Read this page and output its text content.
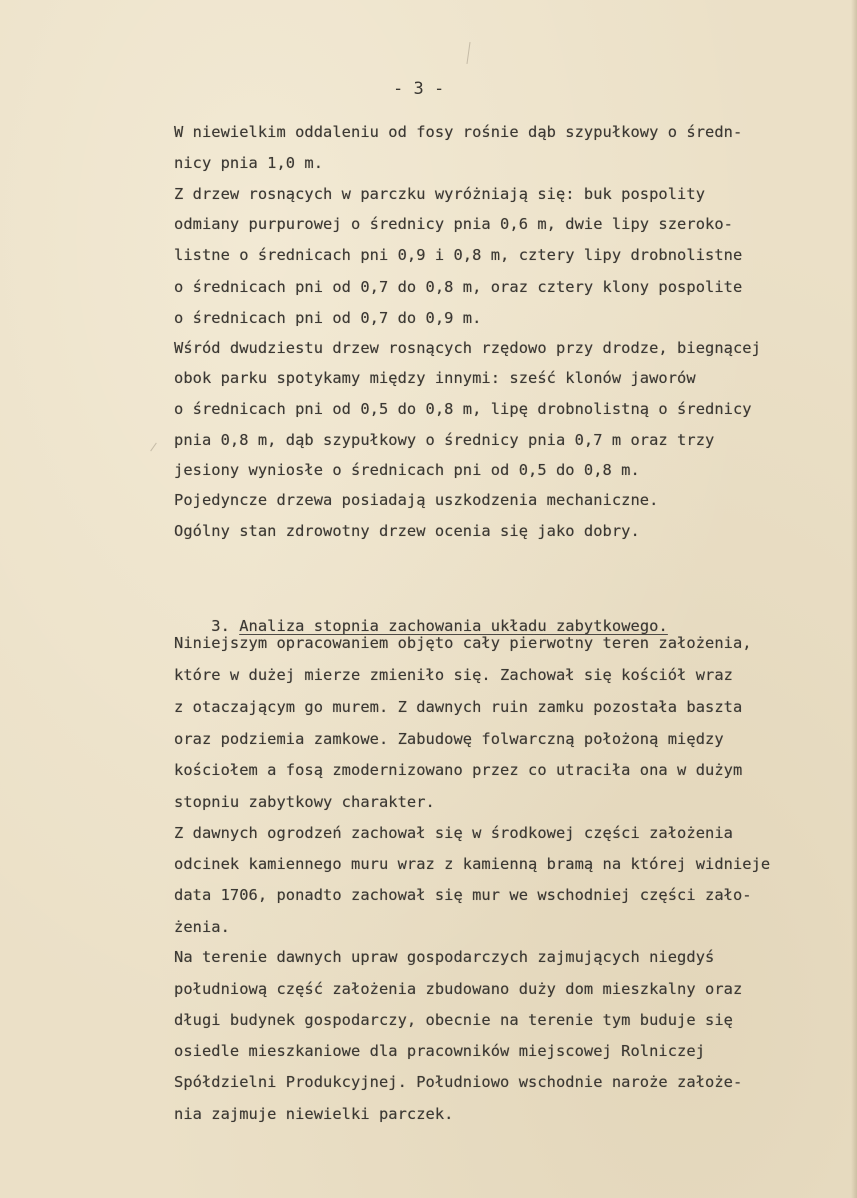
- 3 -
W niewielkim oddaleniu od fosy rośnie dąb szypułkowy o średn-
nicy pnia 1,0 m.
Z drzew rosnących w parczku wyróżniają się: buk pospolity
odmiany purpurowej o średnicy pnia 0,6 m, dwie lipy szeroko-
listne o średnicach pni 0,9 i 0,8 m, cztery lipy drobnolistne
o średnicach pni od 0,7 do 0,8 m, oraz cztery klony pospolite
o średnicach pni od 0,7 do 0,9 m.
Wśród dwudziestu drzew rosnących rzędowo przy drodze, biegnącej
obok parku spotykamy między innymi: sześć klonów jaworów
o średnicach pni od 0,5 do 0,8 m, lipę drobnolistną o średnicy
pnia 0,8 m, dąb szypułkowy o średnicy pnia 0,7 m oraz trzy
jesiony wyniosłe o średnicach pni od 0,5 do 0,8 m.
Pojedyncze drzewa posiadają uszkodzenia mechaniczne.
Ogólny stan zdrowotny drzew ocenia się jako dobry.

3. Analiza stopnia zachowania układu zabytkowego.

Niniejszym opracowaniem objęto cały pierwotny teren założenia,
które w dużej mierze zmieniło się. Zachował się kościół wraz
z otaczającym go murem. Z dawnych ruin zamku pozostała baszta
oraz podziemia zamkowe. Zabudowę folwarczną położoną między
kościołem a fosą zmodernizowano przez co utraciła ona w dużym
stopniu zabytkowy charakter.
Z dawnych ogrodzeń zachował się w środkowej części założenia
odcinek kamiennego muru wraz z kamienną bramą na której widnieje
data 1706, ponadto zachował się mur we wschodniej części zało-
żenia.
Na terenie dawnych upraw gospodarczych zajmujących niegdyś
południową część założenia zbudowano duży dom mieszkalny oraz
długi budynek gospodarczy, obecnie na terenie tym buduje się
osiedle mieszkaniowe dla pracowników miejscowej Rolniczej
Spółdzielni Produkcyjnej. Południowo wschodnie naroże założe-
nia zajmuje niewielki parczek.
